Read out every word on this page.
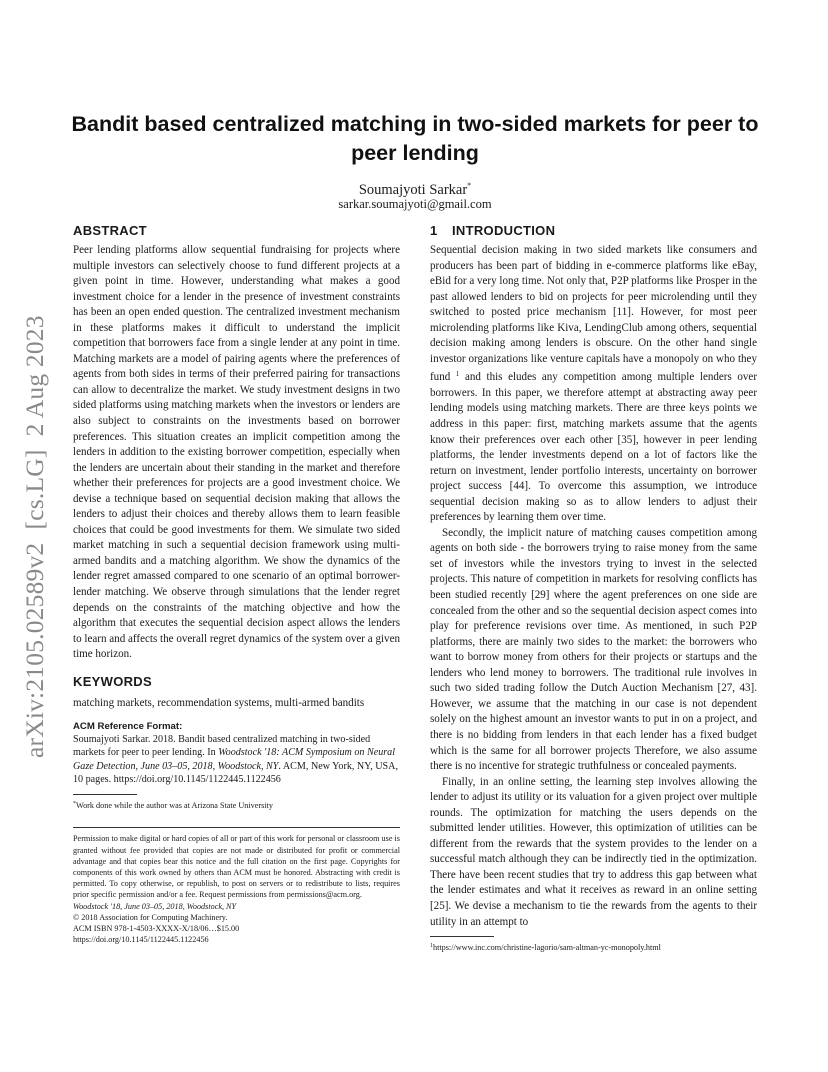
arXiv:2105.02589v2  [cs.LG]  2 Aug 2023
Bandit based centralized matching in two-sided markets for peer to peer lending
Soumajyoti Sarkar*
sarkar.soumajyoti@gmail.com
ABSTRACT
Peer lending platforms allow sequential fundraising for projects where multiple investors can selectively choose to fund different projects at a given point in time. However, understanding what makes a good investment choice for a lender in the presence of investment constraints has been an open ended question. The centralized investment mechanism in these platforms makes it difficult to understand the implicit competition that borrowers face from a single lender at any point in time. Matching markets are a model of pairing agents where the preferences of agents from both sides in terms of their preferred pairing for transactions can allow to decentralize the market. We study investment designs in two sided platforms using matching markets when the investors or lenders are also subject to constraints on the investments based on borrower preferences. This situation creates an implicit competition among the lenders in addition to the existing borrower competition, especially when the lenders are uncertain about their standing in the market and therefore whether their preferences for projects are a good investment choice. We devise a technique based on sequential decision making that allows the lenders to adjust their choices and thereby allows them to learn feasible choices that could be good investments for them. We simulate two sided market matching in such a sequential decision framework using multi-armed bandits and a matching algorithm. We show the dynamics of the lender regret amassed compared to one scenario of an optimal borrower-lender matching. We observe through simulations that the lender regret depends on the constraints of the matching objective and how the algorithm that executes the sequential decision aspect allows the lenders to learn and affects the overall regret dynamics of the system over a given time horizon.
KEYWORDS
matching markets, recommendation systems, multi-armed bandits
ACM Reference Format:
Soumajyoti Sarkar. 2018. Bandit based centralized matching in two-sided markets for peer to peer lending. In Woodstock '18: ACM Symposium on Neural Gaze Detection, June 03–05, 2018, Woodstock, NY. ACM, New York, NY, USA, 10 pages. https://doi.org/10.1145/1122445.1122456
*Work done while the author was at Arizona State University
Permission to make digital or hard copies of all or part of this work for personal or classroom use is granted without fee provided that copies are not made or distributed for profit or commercial advantage and that copies bear this notice and the full citation on the first page. Copyrights for components of this work owned by others than ACM must be honored. Abstracting with credit is permitted. To copy otherwise, or republish, to post on servers or to redistribute to lists, requires prior specific permission and/or a fee. Request permissions from permissions@acm.org.
Woodstock '18, June 03–05, 2018, Woodstock, NY
© 2018 Association for Computing Machinery.
ACM ISBN 978-1-4503-XXXX-X/18/06…$15.00
https://doi.org/10.1145/1122445.1122456
1 INTRODUCTION
Sequential decision making in two sided markets like consumers and producers has been part of bidding in e-commerce platforms like eBay, eBid for a very long time. Not only that, P2P platforms like Prosper in the past allowed lenders to bid on projects for peer microlending until they switched to posted price mechanism [11]. However, for most peer microlending platforms like Kiva, LendingClub among others, sequential decision making among lenders is obscure. On the other hand single investor organizations like venture capitals have a monopoly on who they fund $^1$ and this eludes any competition among multiple lenders over borrowers. In this paper, we therefore attempt at abstracting away peer lending models using matching markets. There are three keys points we address in this paper: first, matching markets assume that the agents know their preferences over each other [35], however in peer lending platforms, the lender investments depend on a lot of factors like the return on investment, lender portfolio interests, uncertainty on borrower project success [44]. To overcome this assumption, we introduce sequential decision making so as to allow lenders to adjust their preferences by learning them over time.
Secondly, the implicit nature of matching causes competition among agents on both side - the borrowers trying to raise money from the same set of investors while the investors trying to invest in the selected projects. This nature of competition in markets for resolving conflicts has been studied recently [29] where the agent preferences on one side are concealed from the other and so the sequential decision aspect comes into play for preference revisions over time. As mentioned, in such P2P platforms, there are mainly two sides to the market: the borrowers who want to borrow money from others for their projects or startups and the lenders who lend money to borrowers. The traditional rule involves in such two sided trading follow the Dutch Auction Mechanism [27, 43]. However, we assume that the matching in our case is not dependent solely on the highest amount an investor wants to put in on a project, and there is no bidding from lenders in that each lender has a fixed budget which is the same for all borrower projects Therefore, we also assume there is no incentive for strategic truthfulness or concealed payments.
Finally, in an online setting, the learning step involves allowing the lender to adjust its utility or its valuation for a given project over multiple rounds. The optimization for matching the users depends on the submitted lender utilities. However, this optimization of utilities can be different from the rewards that the system provides to the lender on a successful match although they can be indirectly tied in the optimization. There have been recent studies that try to address this gap between what the lender estimates and what it receives as reward in an online setting [25]. We devise a mechanism to tie the rewards from the agents to their utility in an attempt to
$^1$https://www.inc.com/christine-lagorio/sam-altman-yc-monopoly.html
